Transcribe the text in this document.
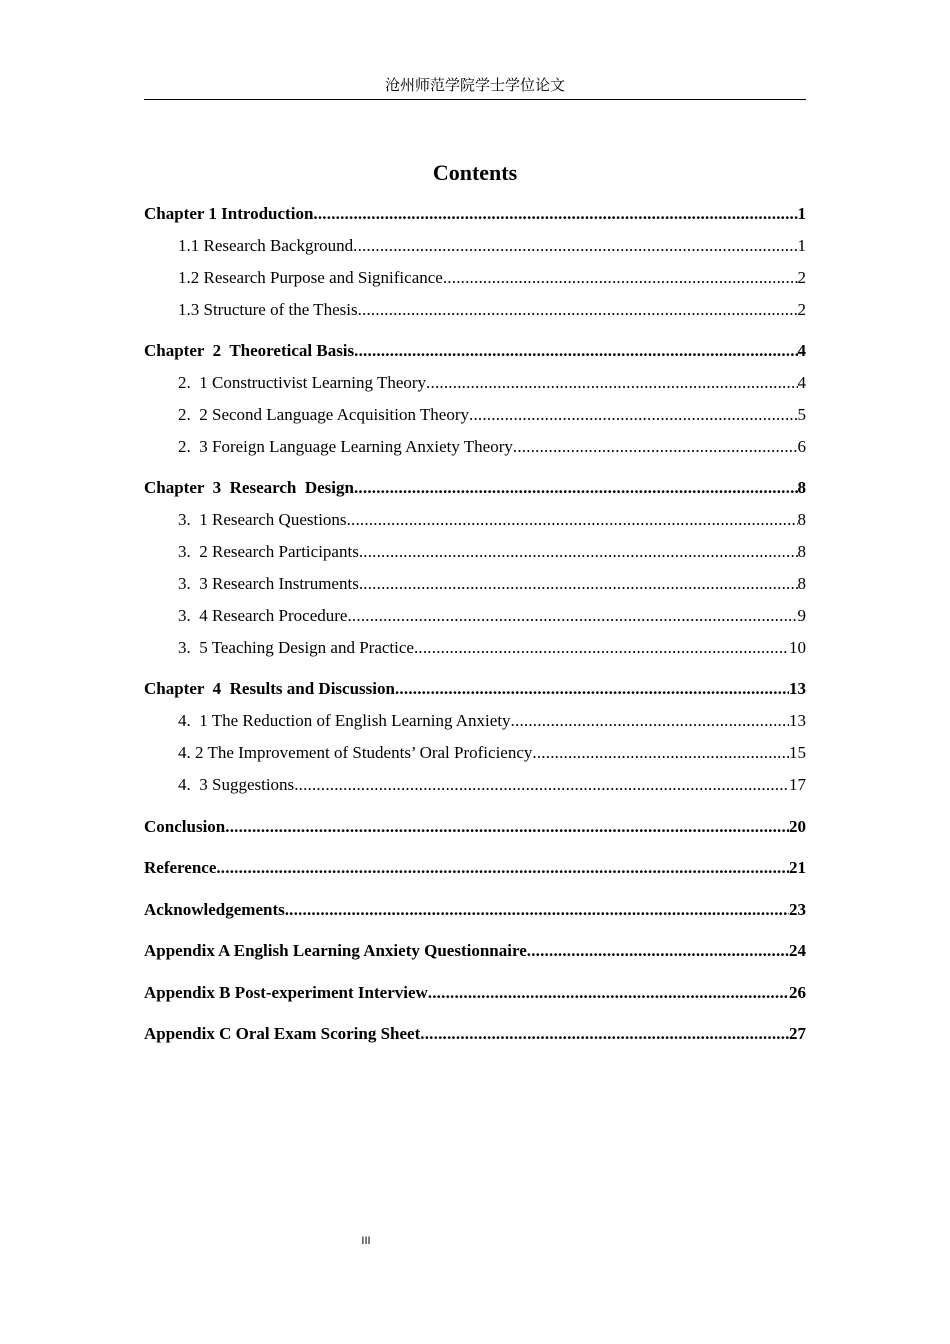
沧州师范学院学士学位论文
Contents
Chapter 1 Introduction .....	1
1.1 Research Background .....	1
1.2 Research Purpose and Significance .....	2
1.3 Structure of the Thesis .....	2
Chapter  2  Theoretical Basis .....	4
2.  1 Constructivist Learning Theory .....	4
2.  2 Second Language Acquisition Theory .....	5
2.  3 Foreign Language Learning Anxiety Theory .....	6
Chapter  3  Research  Design .....	8
3.  1 Research Questions .....	8
3.  2 Research Participants .....	8
3.  3 Research Instruments .....	8
3.  4 Research Procedure .....	9
3.  5 Teaching Design and Practice .....	10
Chapter  4  Results and Discussion .....	13
4.  1 The Reduction of English Learning Anxiety .....	13
4. 2 The Improvement of Students’ Oral Proficiency .....	15
4.  3 Suggestions .....	17
Conclusion .....	20
Reference .....	21
Acknowledgements .....	23
Appendix A English Learning Anxiety Questionnaire .....	24
Appendix B Post-experiment Interview .....	26
Appendix C Oral Exam Scoring Sheet .....	27
III
